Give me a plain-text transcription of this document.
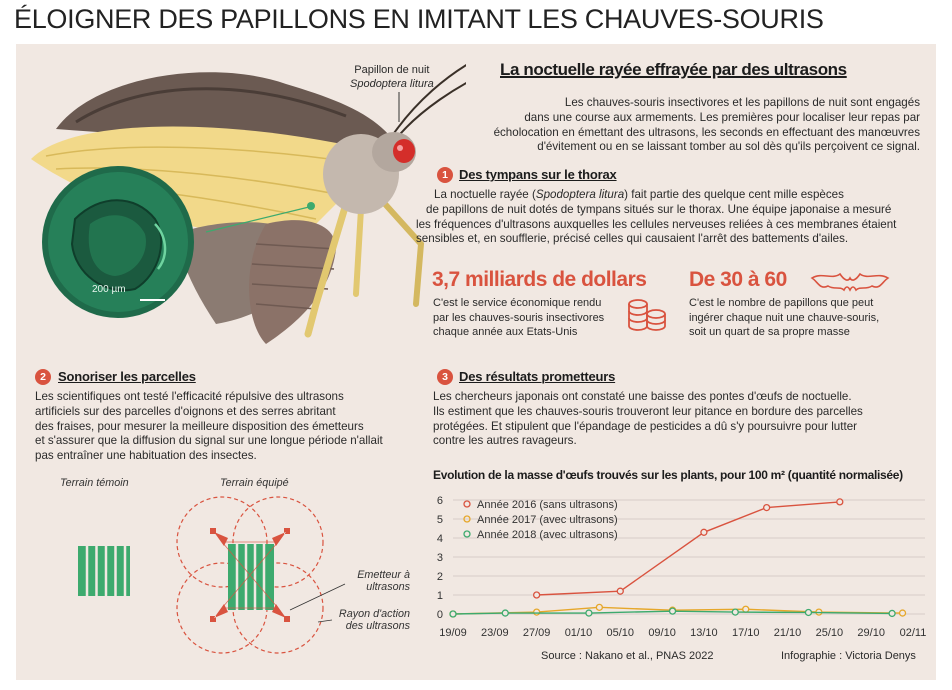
ÉLOIGNER DES PAPILLONS EN IMITANT LES CHAUVES-SOURIS
200 µm
Papillon de nuit
Spodoptera litura
La noctuelle rayée effrayée par des ultrasons
Les chauves-souris insectivores et les papillons de nuit sont engagés
dans une course aux armements. Les premières pour localiser leur repas par
écholocation en émettant des ultrasons, les seconds en effectuant des manœuvres
d'évitement ou en se laissant tomber au sol dès qu'ils perçoivent ce signal.
1 Des tympans sur le thorax
La noctuelle rayée (Spodoptera litura) fait partie des quelque cent mille espèces
de papillons de nuit dotés de tympans situés sur le thorax. Une équipe japonaise a mesuré
les fréquences d'ultrasons auxquelles les cellules nerveuses reliées à ces membranes étaient
sensibles et, en soufflerie, précisé celles qui causaient l'arrêt des battements d'ailes.
3,7 milliards de dollars
C'est le service économique rendu
par les chauves-souris insectivores
chaque année aux Etats-Unis
De 30 à 60
C'est le nombre de papillons que peut
ingérer chaque nuit une chauve-souris,
soit un quart de sa propre masse
2 Sonoriser les parcelles
Les scientifiques ont testé l'efficacité répulsive des ultrasons
artificiels sur des parcelles d'oignons et des serres abritant
des fraises, pour mesurer la meilleure disposition des émetteurs
et s'assurer que la diffusion du signal sur une longue période n'allait
pas entraîner une habituation des insectes.
Terrain témoin	Terrain équipé
Emetteur à
ultrasons
Rayon d'action
des ultrasons
3 Des résultats prometteurs
Les chercheurs japonais ont constaté une baisse des pontes d'œufs de noctuelle.
Ils estiment que les chauves-souris trouveront leur pitance en bordure des parcelles
protégées. Et stipulent que l'épandage de pesticides a dû s'y poursuivre pour lutter
contre les autres ravageurs.
Evolution de la masse d'œufs trouvés sur les plants, pour 100 m² (quantité normalisée)
0
1
2
3
4
5
6
19/09 23/09 27/09 01/10 05/10 09/10 13/10 17/10 21/10 25/10 29/10 02/11
Année 2016 (sans ultrasons)
Année 2017 (avec ultrasons)
Année 2018 (avec ultrasons)
Source : Nakano et al., PNAS 2022	Infographie : Victoria Denys
